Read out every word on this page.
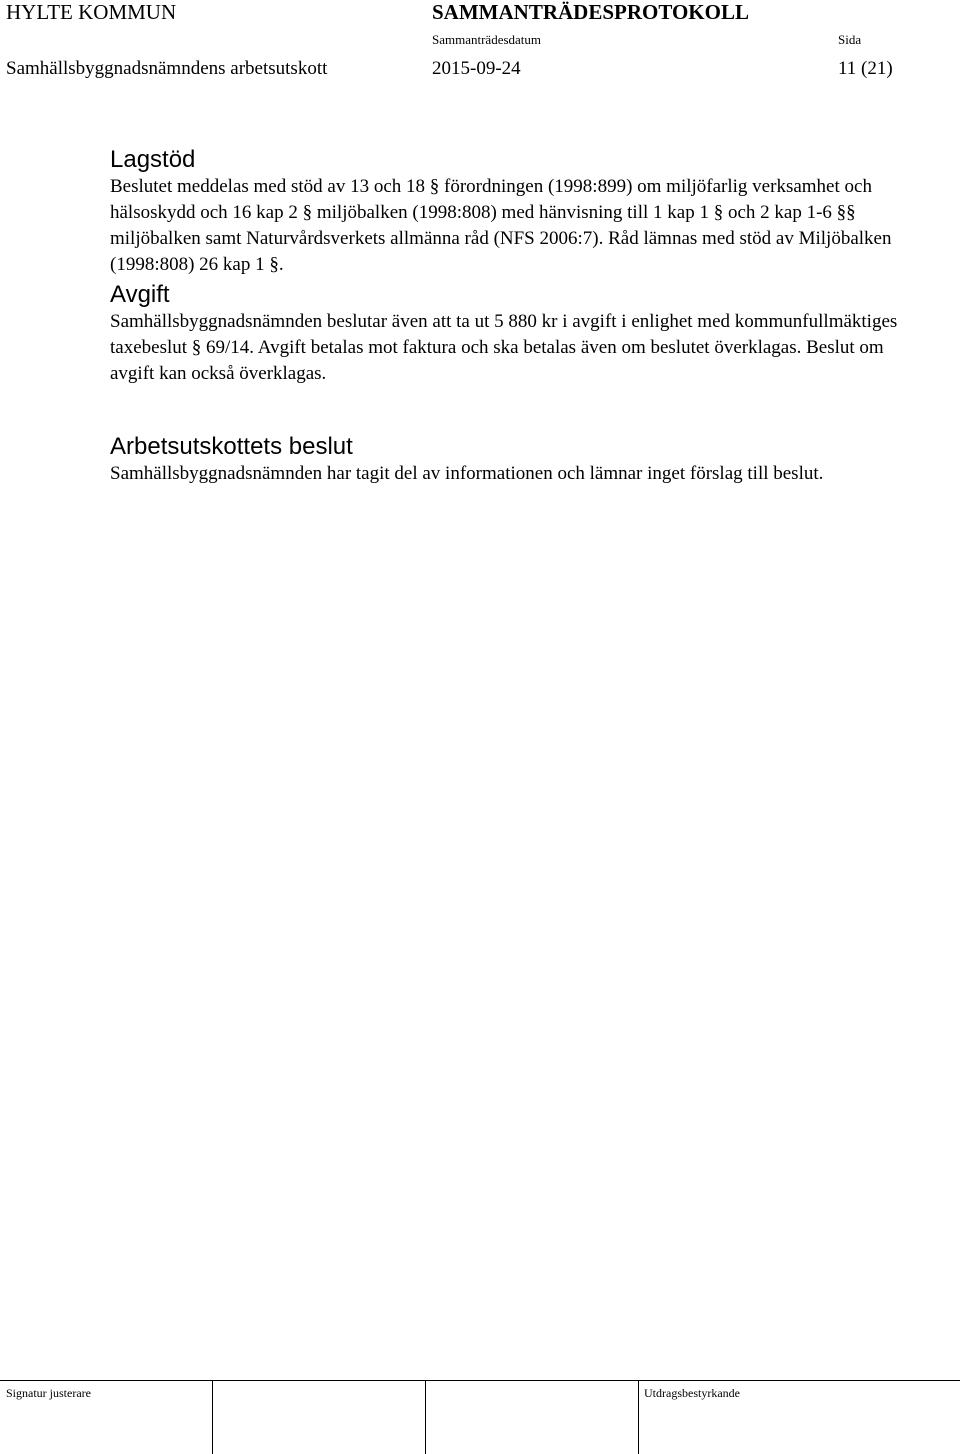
HYLTE KOMMUN	SAMMANTRÄDESPROTOKOLL
Sammanträdesdatum	Sida
Samhällsbyggnadsnämndens arbetsutskott	2015-09-24	11 (21)
Lagstöd

Beslutet meddelas med stöd av 13 och 18 § förordningen (1998:899) om miljöfarlig verksamhet och hälsoskydd och 16 kap 2 § miljöbalken (1998:808) med hänvisning till 1 kap 1 § och 2 kap 1-6 §§ miljöbalken samt Naturvårdsverkets allmänna råd (NFS 2006:7). Råd lämnas med stöd av Miljöbalken (1998:808) 26 kap 1 §.

Avgift

Samhällsbyggnadsnämnden beslutar även att ta ut 5 880 kr i avgift i enlighet med kommunfullmäktiges taxebeslut § 69/14. Avgift betalas mot faktura och ska betalas även om beslutet överklagas. Beslut om avgift kan också överklagas.

Arbetsutskottets beslut

Samhällsbyggnadsnämnden har tagit del av informationen och lämnar inget förslag till beslut.

Signatur justerare	Utdragsbestyrkande
